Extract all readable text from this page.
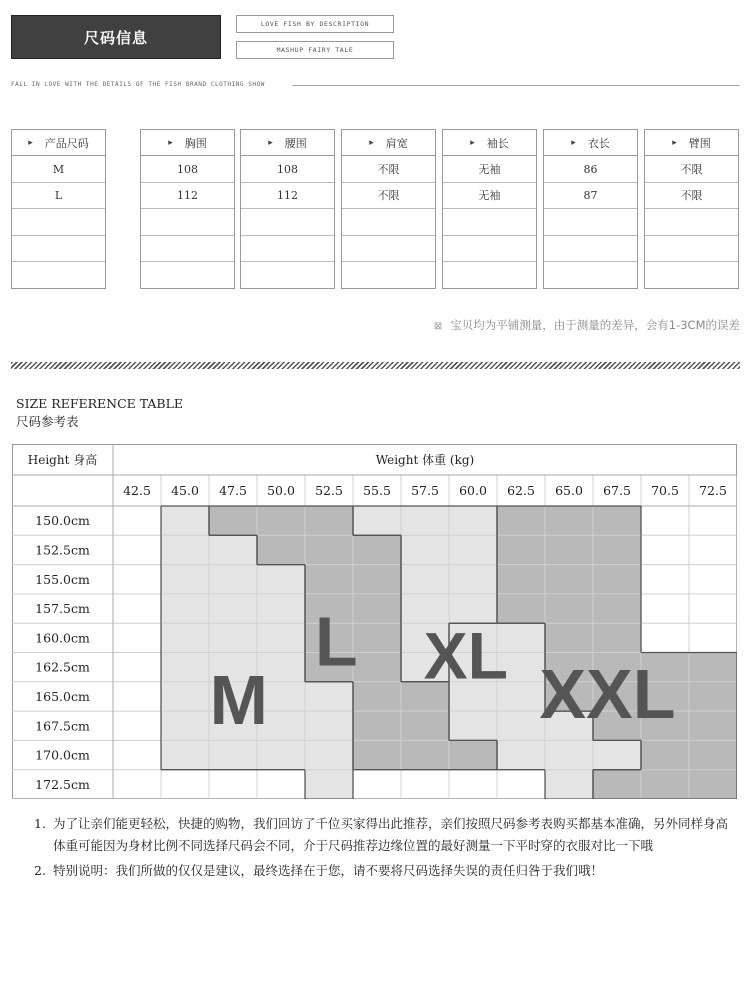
尺码信息
LOVE FISH BY DESCRIPTION
MASHUP FAIRY TALE
FALL IN LOVE WITH THE DETAILS OF THE FISH BRAND CLOTHING SHOW
▸ 产品尺码
M
L
▸ 胸围
108
112
▸ 腰围
108
112
▸ 肩宽
不限
不限
▸ 袖长
无袖
无袖
▸ 衣长
86
87
▸ 臂围
不限
不限
⊠ 宝贝均为平铺测量，由于测量的差异，会有1-3CM的误差
SIZE REFERENCE TABLE
尺码参考表
42.5 45.0 47.5 50.0 52.5 55.5 57.5 60.0 62.5 65.0 67.5 70.5 72.5
150.0cm
152.5cm
155.0cm
157.5cm
160.0cm
162.5cm
165.0cm
167.5cm
170.0cm
172.5cm
M
L XL XXL
Height 身高	Weight 体重 (kg)
1. 为了让亲们能更轻松，快捷的购物，我们回访了千位买家得出此推荐，亲们按照尺码参考表购买都基本准确，另外同样身高体重可能因为身材比例不同选择尺码会不同，介于尺码推荐边缘位置的最好测量一下平时穿的衣服对比一下哦
2. 特别说明：我们所做的仅仅是建议，最终选择在于您，请不要将尺码选择失误的责任归咎于我们哦！
